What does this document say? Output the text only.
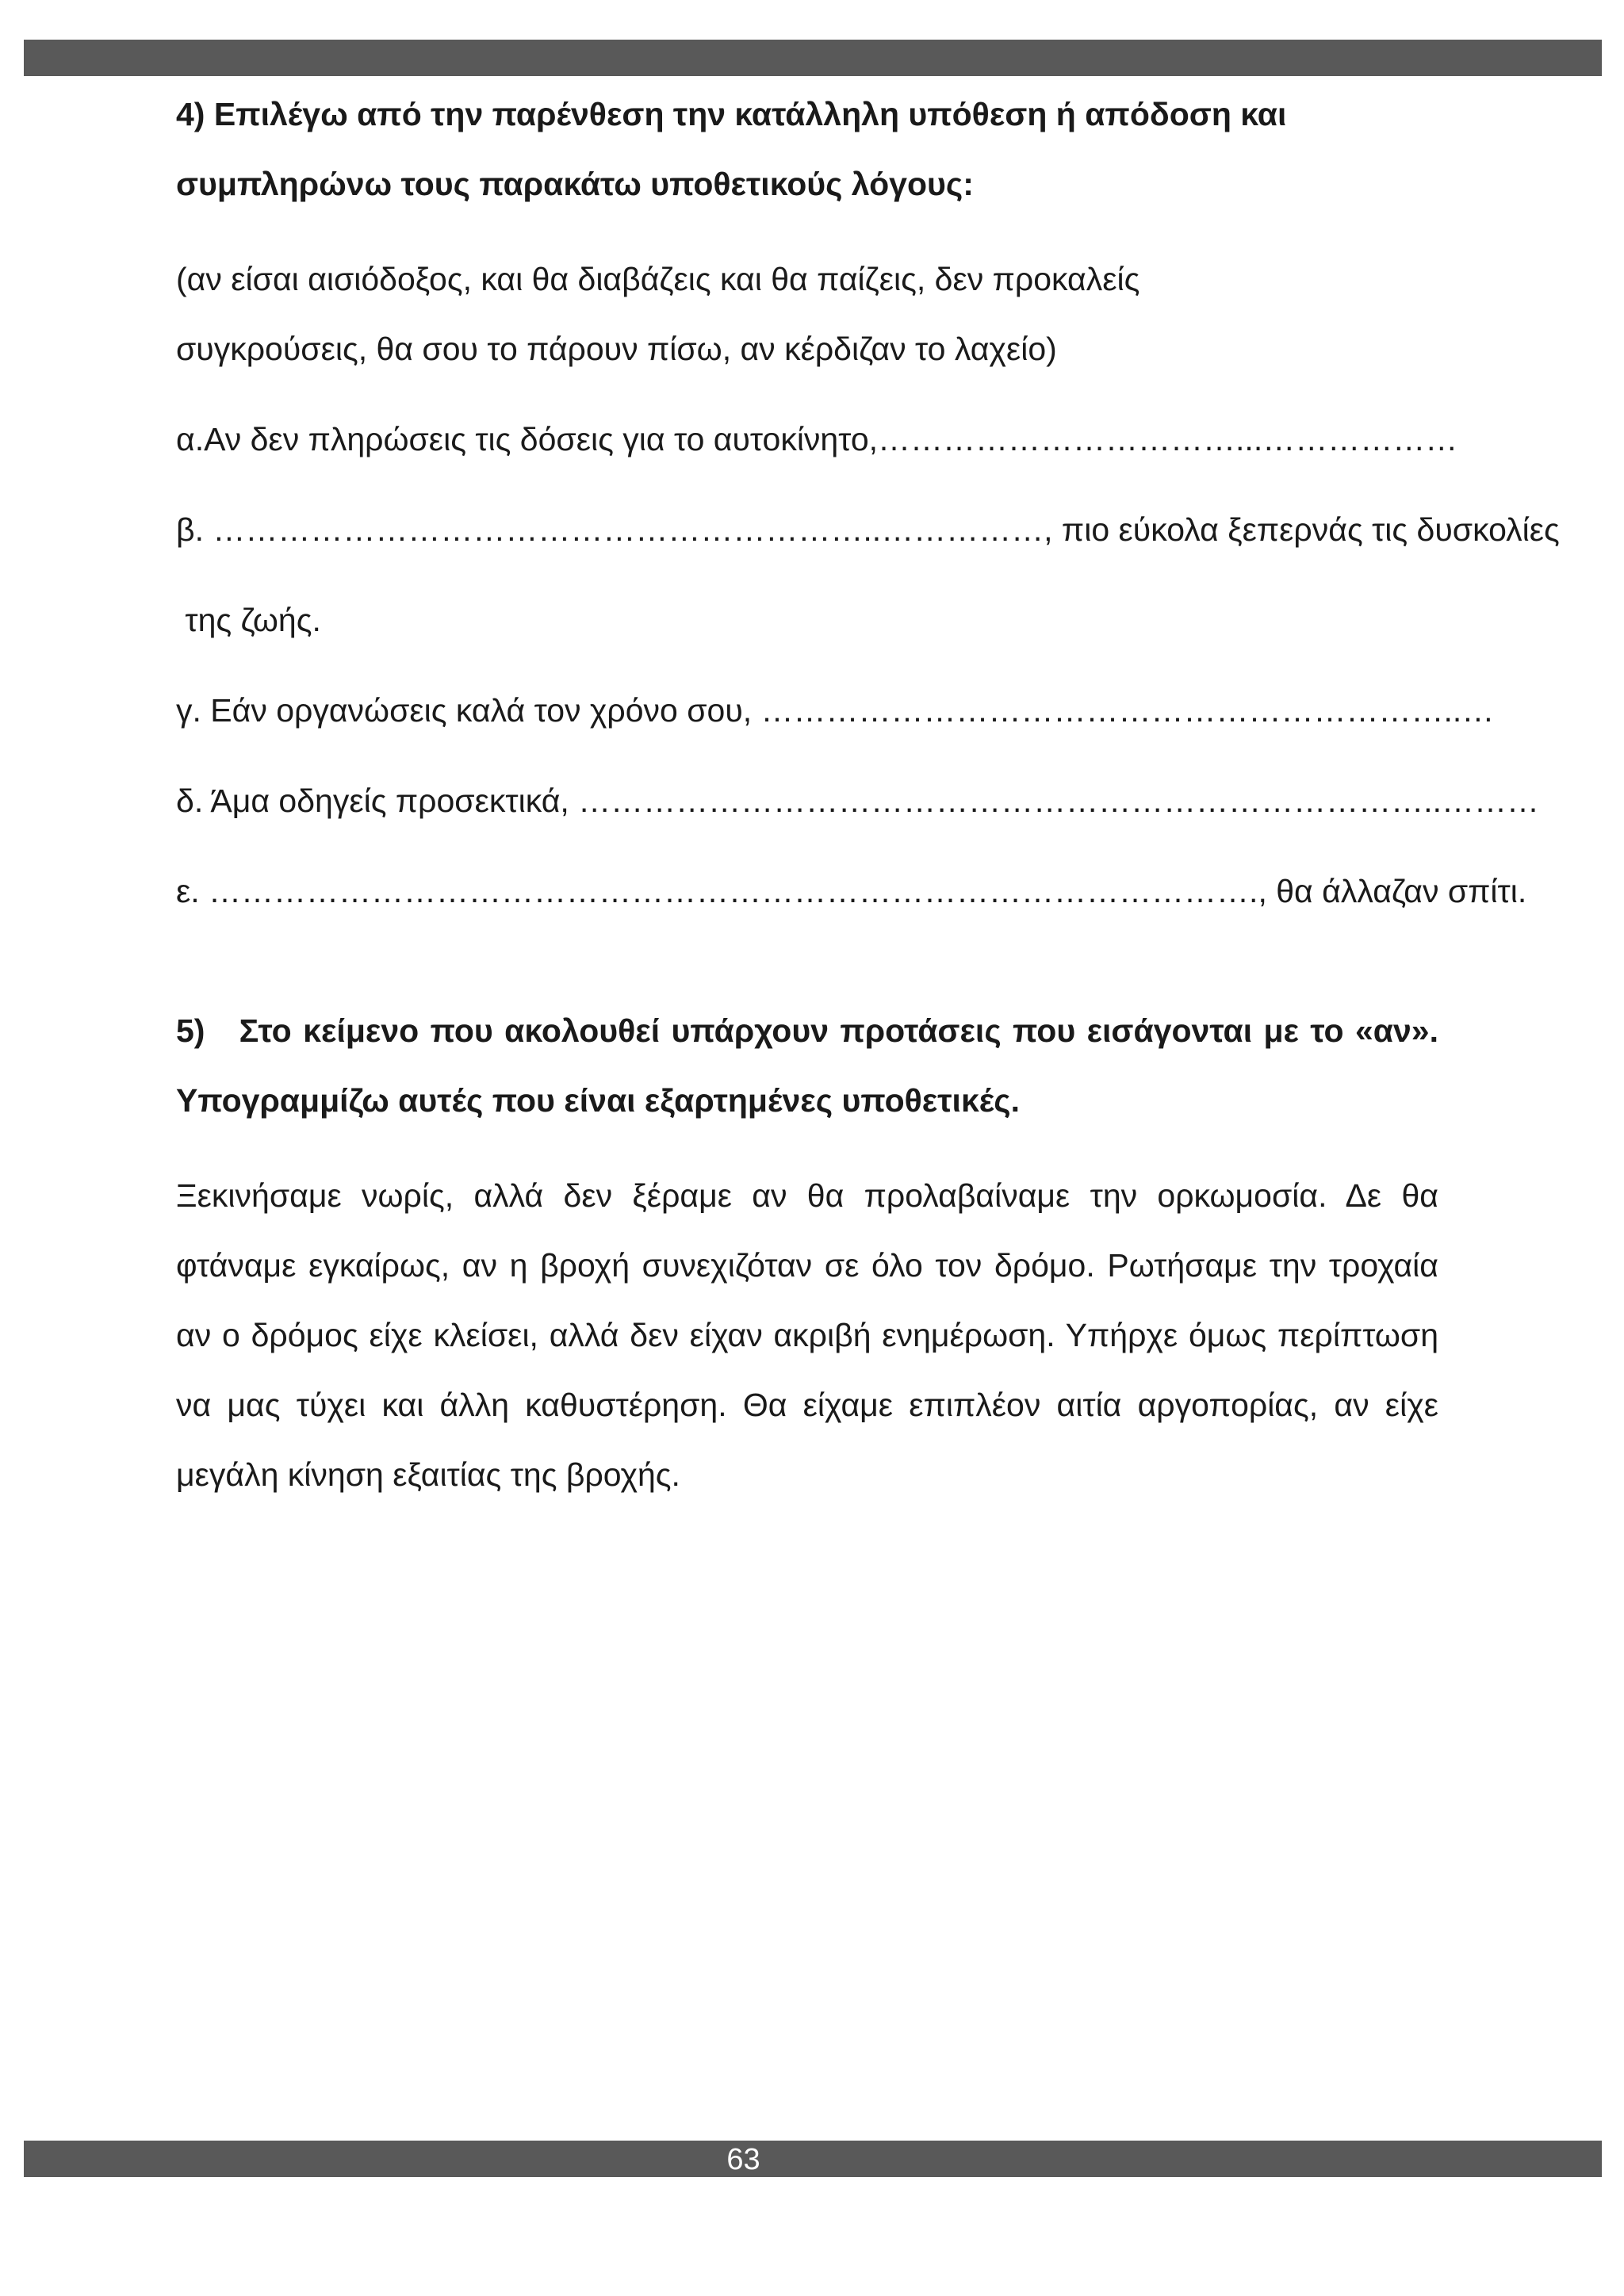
4) Επιλέγω από την παρένθεση την κατάλληλη υπόθεση ή απόδοση και συμπληρώνω τους παρακάτω υποθετικούς λόγους:

(αν είσαι αισιόδοξος, και θα διαβάζεις και θα παίζεις, δεν προκαλείς

συγκρούσεις, θα σου το πάρουν πίσω, αν κέρδιζαν το λαχείο)

α.Αν δεν πληρώσεις τις δόσεις για το αυτοκίνητο,……………………………...………………

β. ……………………………………………………..……………, πιο εύκολα ξεπερνάς τις δυσκολίες

της ζωής.

γ. Εάν οργανώσεις καλά τον χρόνο σου, ………………………………………………………..…

δ. Άμα οδηγείς προσεκτικά, ……………………………………………………………………..………

ε. ……………………………………………………………………………………., θα άλλαζαν σπίτι.

5)   Στο κείμενο που ακολουθεί υπάρχουν προτάσεις που εισάγονται με το «αν». Υπογραμμίζω αυτές που είναι εξαρτημένες υποθετικές.

Ξεκινήσαμε νωρίς, αλλά δεν ξέραμε αν θα προλαβαίναμε την ορκωμοσία. Δε θα φτάναμε εγκαίρως, αν η βροχή συνεχιζόταν σε όλο τον δρόμο. Ρωτήσαμε την τροχαία αν ο δρόμος είχε κλείσει, αλλά δεν είχαν ακριβή ενημέρωση. Υπήρχε όμως περίπτωση να μας τύχει και άλλη καθυστέρηση. Θα είχαμε επιπλέον αιτία αργοπορίας, αν είχε μεγάλη κίνηση εξαιτίας της βροχής.

63
